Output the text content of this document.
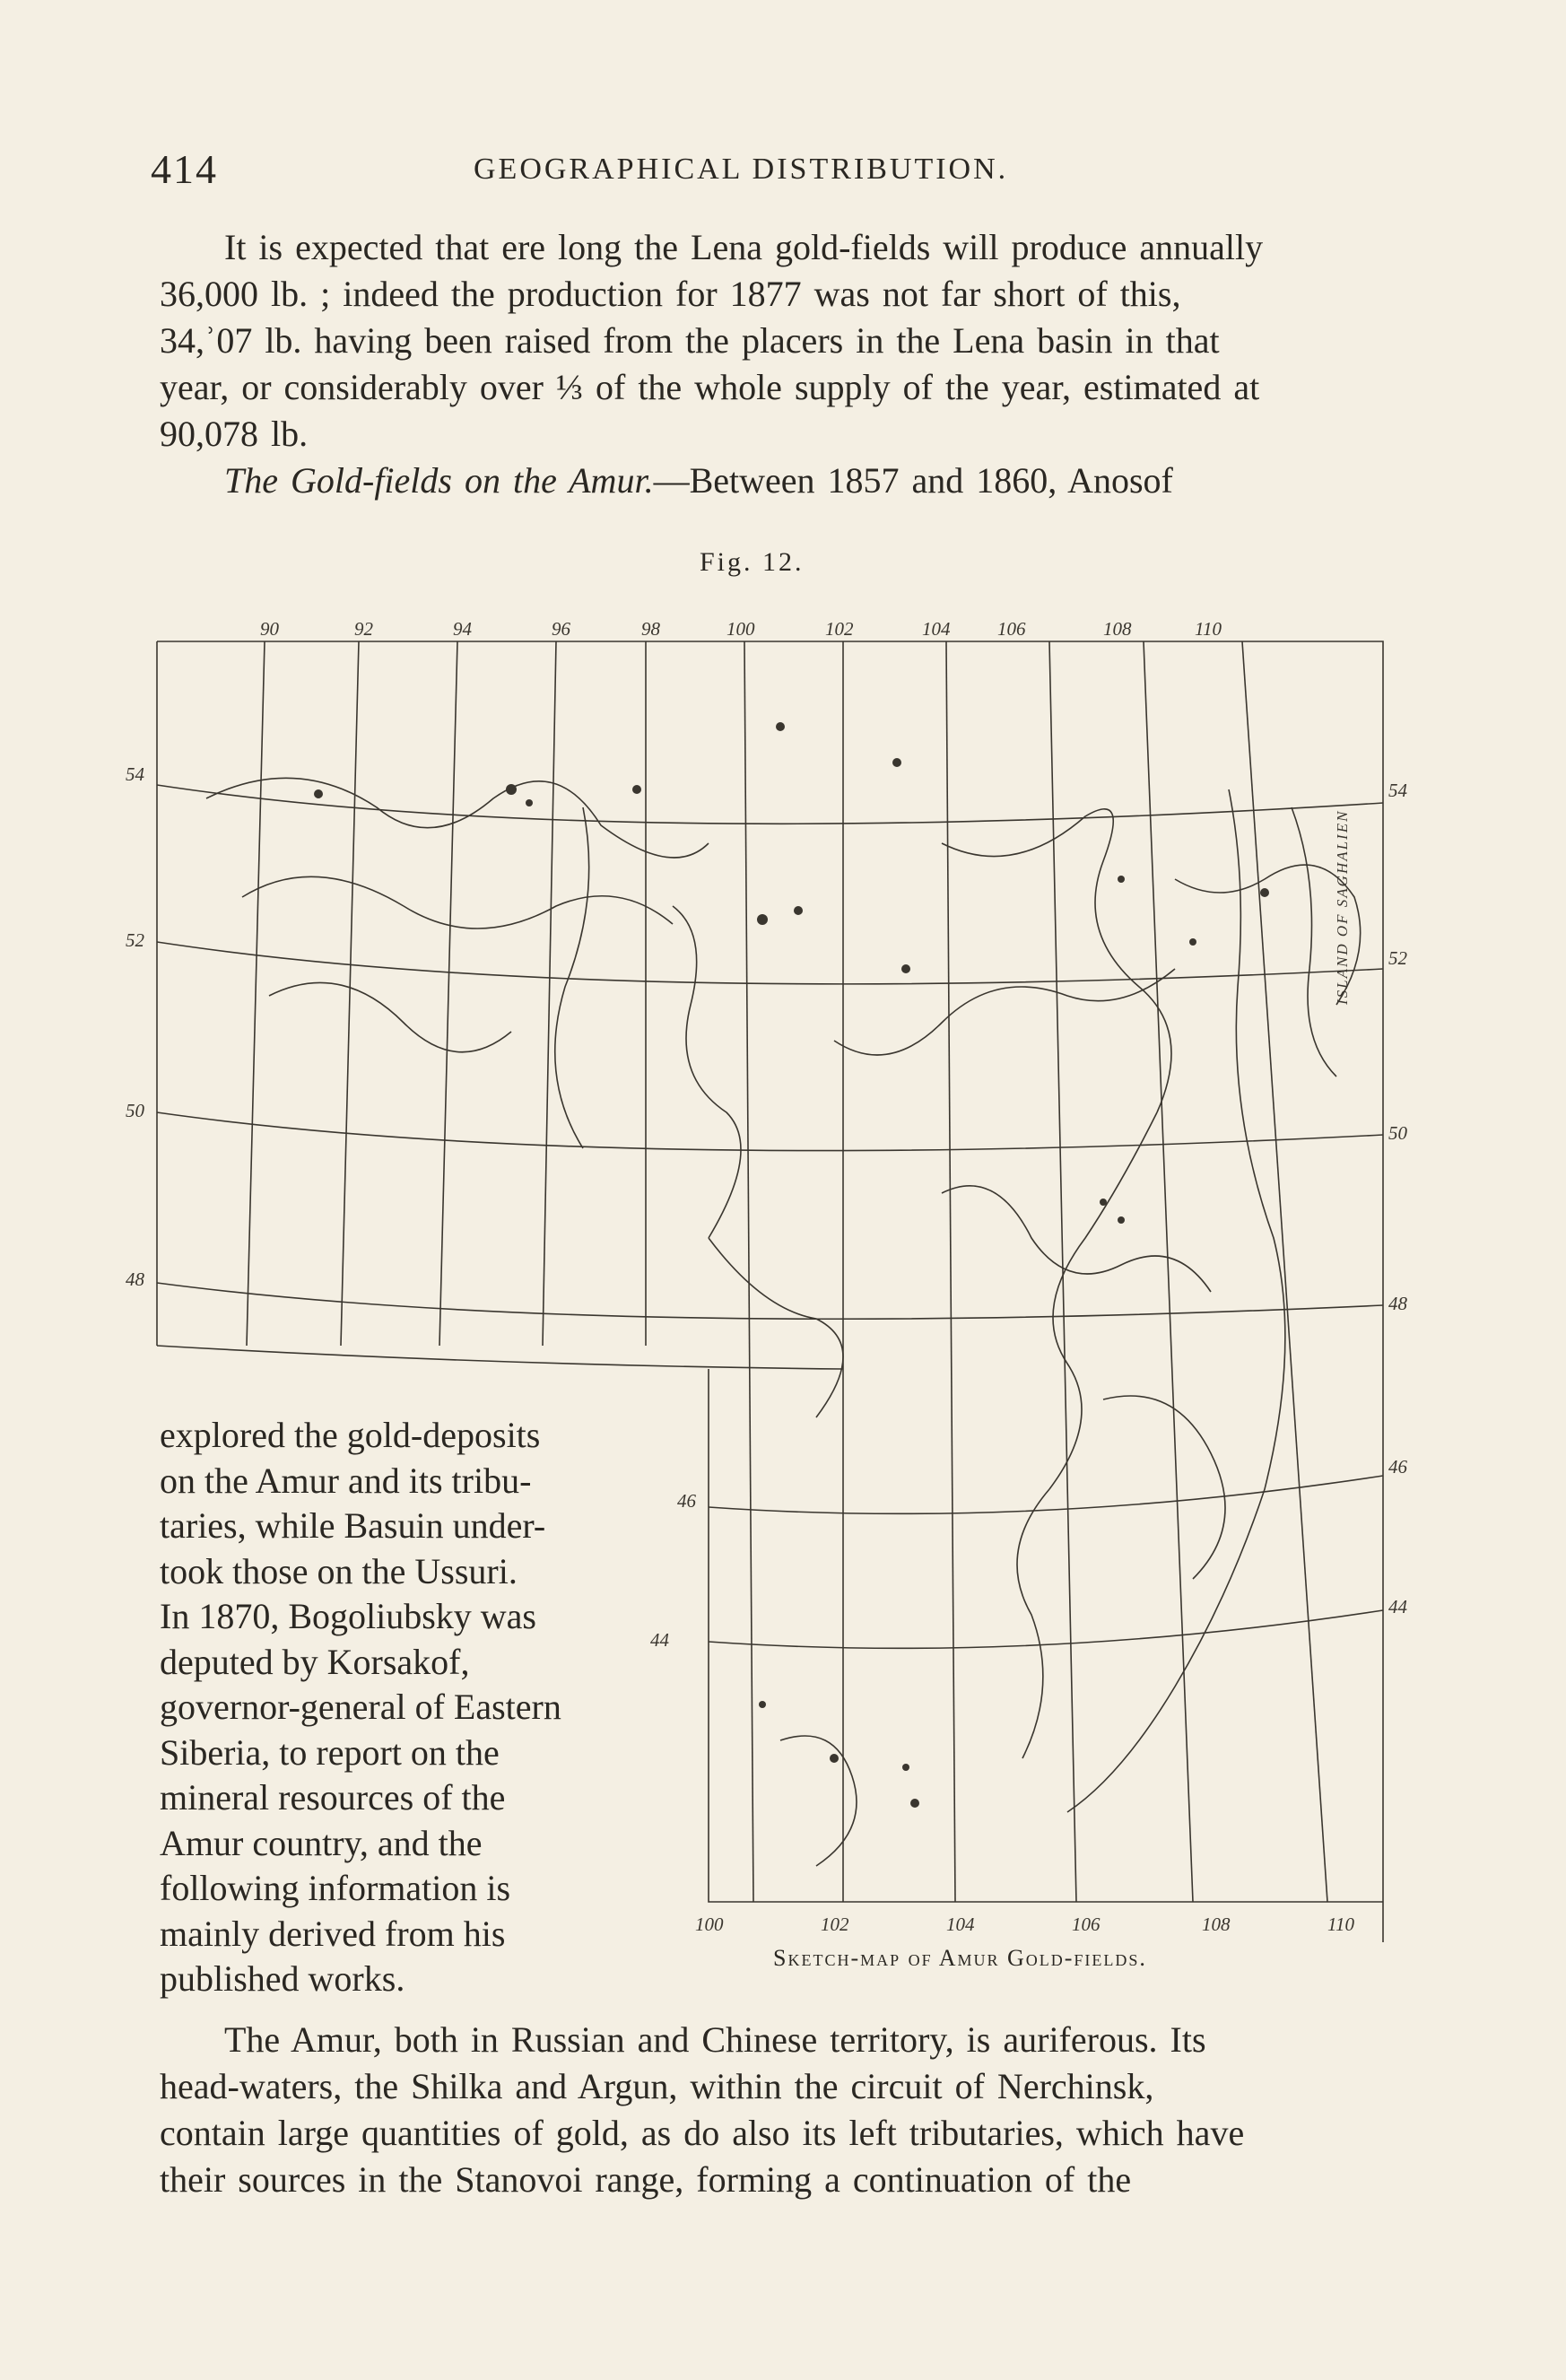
414	GEOGRAPHICAL DISTRIBUTION.
It is expected that ere long the Lena gold-fields will produce annually
36,000 lb. ; indeed the production for 1877 was not far short of this,
34,ʾ07 lb. having been raised from the placers in the Lena basin in that
year, or considerably over ⅓ of the whole supply of the year, estimated at
90,078 lb.
The Gold-fields on the Amur.—Between 1857 and 1860, Anosof
Fig. 12.
90	92	94	96	98	100	102	104	106	108	110
54
52
50
48
54
52
50
48
46
44
46
44
100	102	104	106	108	110
ISLAND OF SAGHALIEN
Sketch-map of Amur Gold-fields.
explored the gold-deposits
on the Amur and its tribu-
taries, while Basuin under-
took those on the Ussuri.
In 1870, Bogoliubsky was
deputed by Korsakof,
governor-general of Eastern
Siberia, to report on the
mineral resources of the
Amur country, and the
following information is
mainly derived from his
published works.
The Amur, both in Russian and Chinese territory, is auriferous. Its
head-waters, the Shilka and Argun, within the circuit of Nerchinsk,
contain large quantities of gold, as do also its left tributaries, which have
their sources in the Stanovoi range, forming a continuation of the
